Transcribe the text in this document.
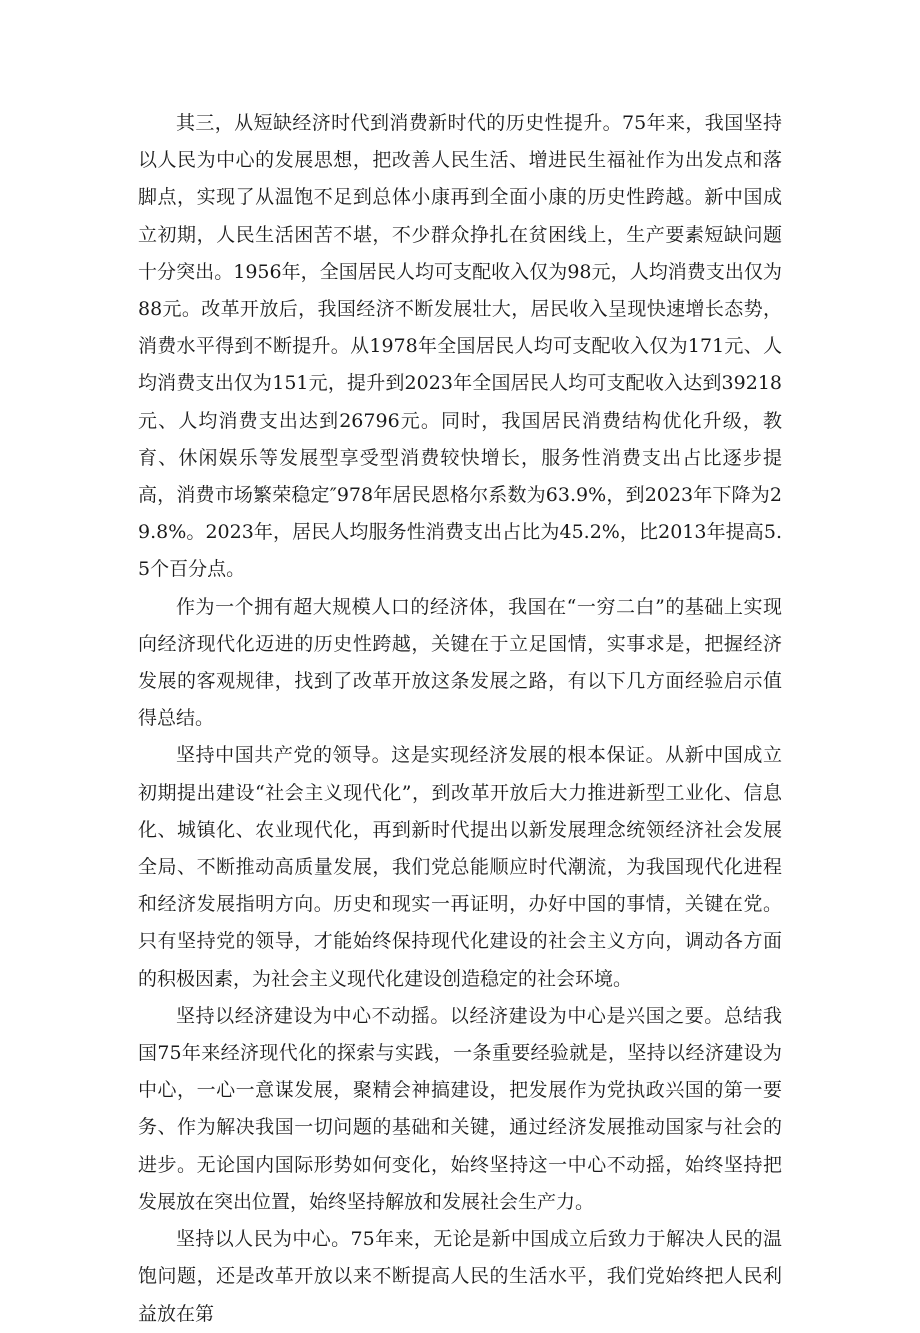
其三，从短缺经济时代到消费新时代的历史性提升。75年来，我国坚持以人民为中心的发展思想，把改善人民生活、增进民生福祉作为出发点和落脚点，实现了从温饱不足到总体小康再到全面小康的历史性跨越。新中国成立初期，人民生活困苦不堪，不少群众挣扎在贫困线上，生产要素短缺问题十分突出。1956年，全国居民人均可支配收入仅为98元，人均消费支出仅为88元。改革开放后，我国经济不断发展壮大，居民收入呈现快速增长态势，消费水平得到不断提升。从1978年全国居民人均可支配收入仅为171元、人均消费支出仅为151元，提升到2023年全国居民人均可支配收入达到39218元、人均消费支出达到26796元。同时，我国居民消费结构优化升级，教育、休闲娱乐等发展型享受型消费较快增长，服务性消费支出占比逐步提高，消费市场繁荣稳定″978年居民恩格尔系数为63.9%，到2023年下降为29.8%。2023年，居民人均服务性消费支出占比为45.2%，比2013年提高5.5个百分点。

作为一个拥有超大规模人口的经济体，我国在“一穷二白”的基础上实现向经济现代化迈进的历史性跨越，关键在于立足国情，实事求是，把握经济发展的客观规律，找到了改革开放这条发展之路，有以下几方面经验启示值得总结。

坚持中国共产党的领导。这是实现经济发展的根本保证。从新中国成立初期提出建设“社会主义现代化”，到改革开放后大力推进新型工业化、信息化、城镇化、农业现代化，再到新时代提出以新发展理念统领经济社会发展全局、不断推动高质量发展，我们党总能顺应时代潮流，为我国现代化进程和经济发展指明方向。历史和现实一再证明，办好中国的事情，关键在党。只有坚持党的领导，才能始终保持现代化建设的社会主义方向，调动各方面的积极因素，为社会主义现代化建设创造稳定的社会环境。

坚持以经济建设为中心不动摇。以经济建设为中心是兴国之要。总结我国75年来经济现代化的探索与实践，一条重要经验就是，坚持以经济建设为中心，一心一意谋发展，聚精会神搞建设，把发展作为党执政兴国的第一要务、作为解决我国一切问题的基础和关键，通过经济发展推动国家与社会的进步。无论国内国际形势如何变化，始终坚持这一中心不动摇，始终坚持把发展放在突出位置，始终坚持解放和发展社会生产力。

坚持以人民为中心。75年来，无论是新中国成立后致力于解决人民的温饱问题，还是改革开放以来不断提高人民的生活水平，我们党始终把人民利益放在第
